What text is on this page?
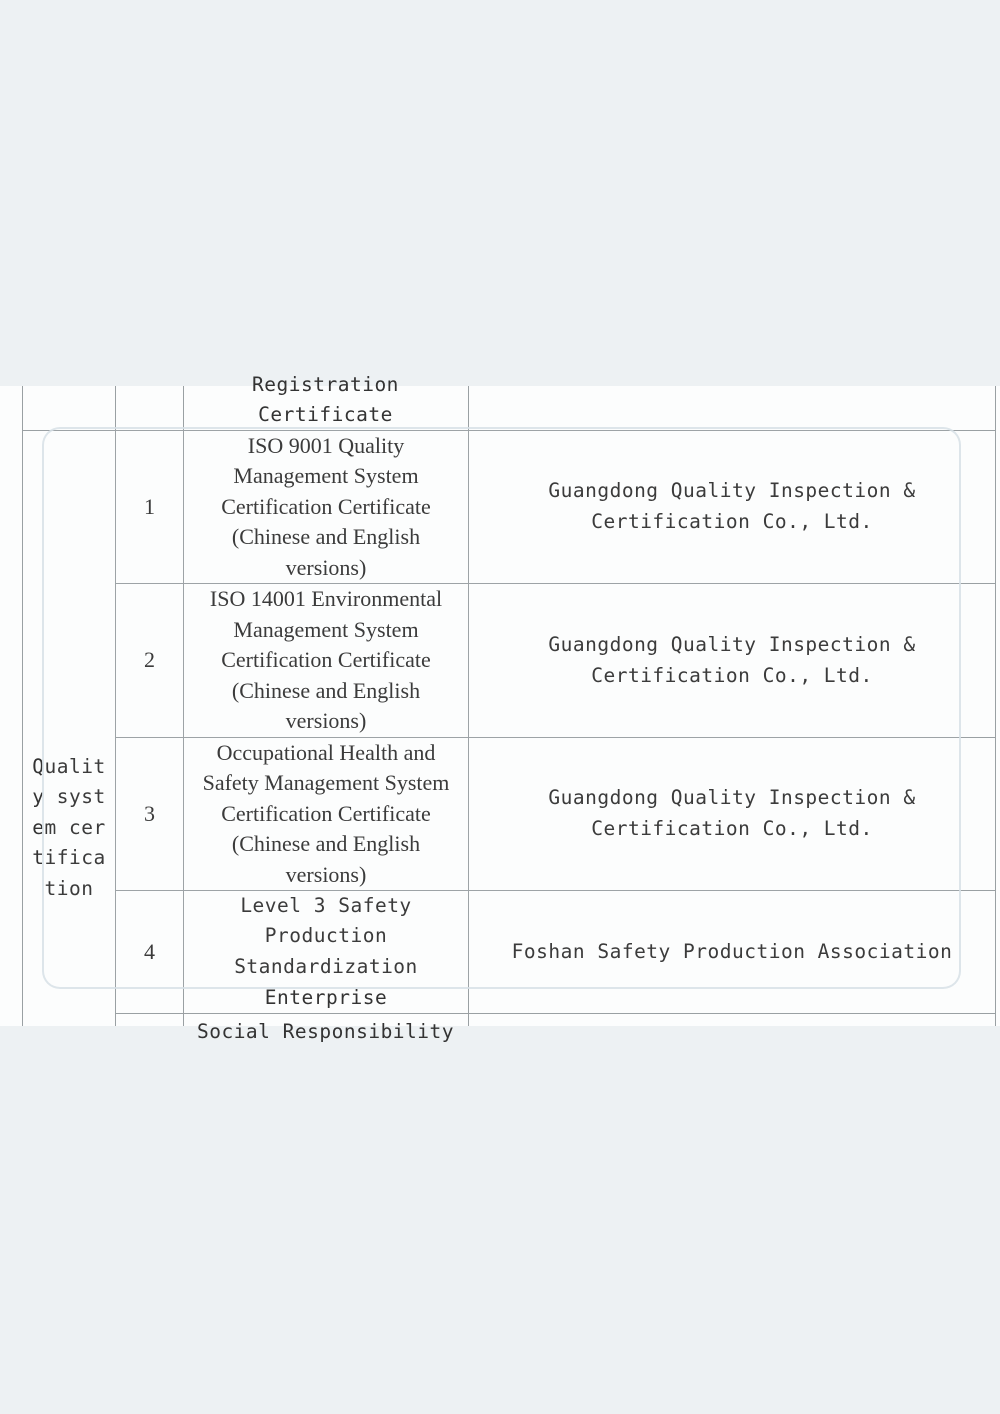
Registration
Certificate
Quality system certification
1
ISO 9001 Quality Management System Certification Certificate (Chinese and English versions)
Guangdong Quality Inspection & Certification Co., Ltd.
2
ISO 14001 Environmental Management System Certification Certificate (Chinese and English versions)
Guangdong Quality Inspection & Certification Co., Ltd.
3
Occupational Health and Safety Management System Certification Certificate (Chinese and English versions)
Guangdong Quality Inspection & Certification Co., Ltd.
4
Level 3 Safety Production Standardization Enterprise
Foshan Safety Production Association
Social Responsibility
